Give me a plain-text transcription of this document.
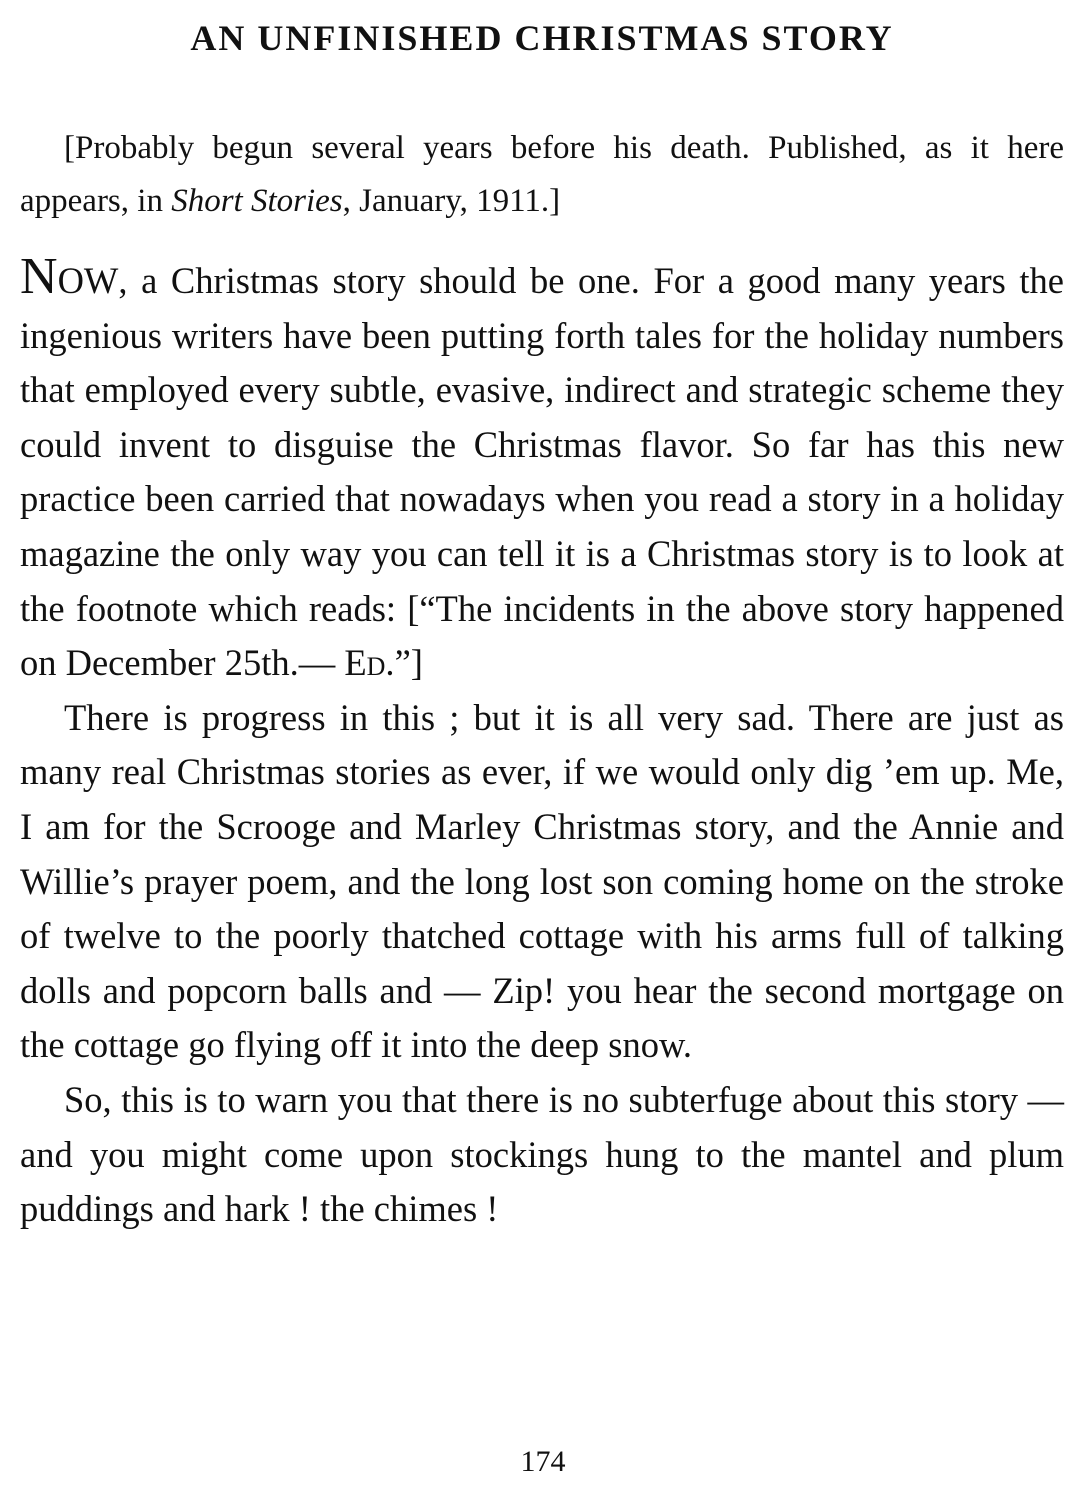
AN UNFINISHED CHRISTMAS STORY

[Probably begun several years before his death. Published, as it here appears, in Short Stories, January, 1911.]

NOW, a Christmas story should be one. For a good many years the ingenious writers have been putting forth tales for the holiday numbers that employed every subtle, evasive, indirect and strategic scheme they could invent to disguise the Christmas flavor. So far has this new practice been carried that nowadays when you read a story in a holiday magazine the only way you can tell it is a Christmas story is to look at the footnote which reads: [“The incidents in the above story happened on December 25th.— Ed.”]

There is progress in this ; but it is all very sad. There are just as many real Christmas stories as ever, if we would only dig ’em up. Me, I am for the Scrooge and Marley Christmas story, and the Annie and Willie’s prayer poem, and the long lost son coming home on the stroke of twelve to the poorly thatched cottage with his arms full of talking dolls and popcorn balls and — Zip! you hear the second mortgage on the cottage go flying off it into the deep snow.

So, this is to warn you that there is no subterfuge about this story — and you might come upon stockings hung to the mantel and plum puddings and hark ! the chimes !

174
